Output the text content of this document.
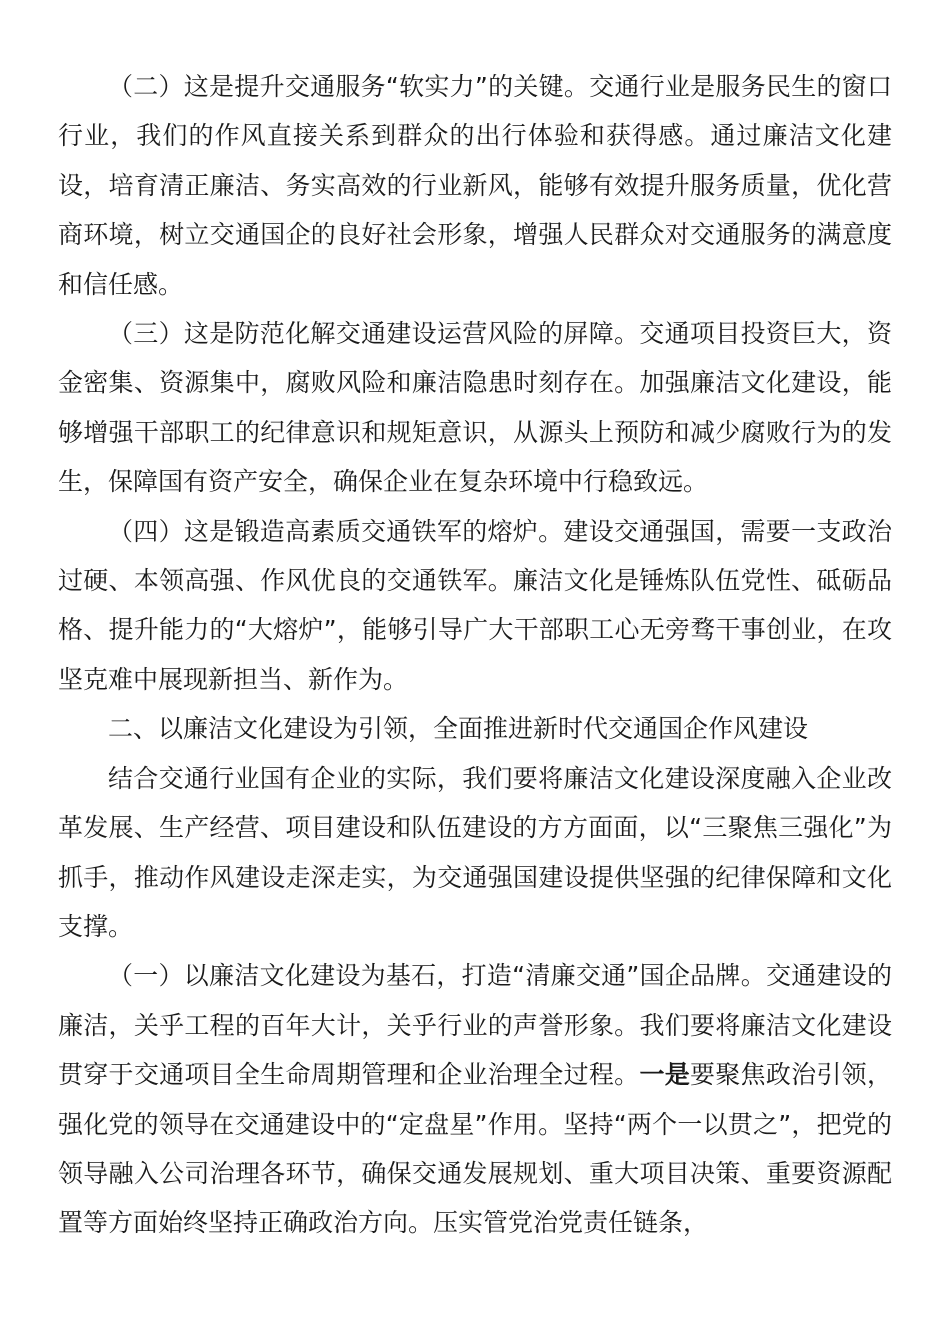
（二）这是提升交通服务“软实力”的关键。交通行业是服务民生的窗口行业，我们的作风直接关系到群众的出行体验和获得感。通过廉洁文化建设，培育清正廉洁、务实高效的行业新风，能够有效提升服务质量，优化营商环境，树立交通国企的良好社会形象，增强人民群众对交通服务的满意度和信任感。

（三）这是防范化解交通建设运营风险的屏障。交通项目投资巨大，资金密集、资源集中，腐败风险和廉洁隐患时刻存在。加强廉洁文化建设，能够增强干部职工的纪律意识和规矩意识，从源头上预防和减少腐败行为的发生，保障国有资产安全，确保企业在复杂环境中行稳致远。

（四）这是锻造高素质交通铁军的熔炉。建设交通强国，需要一支政治过硬、本领高强、作风优良的交通铁军。廉洁文化是锤炼队伍党性、砥砺品格、提升能力的“大熔炉”，能够引导广大干部职工心无旁骛干事创业，在攻坚克难中展现新担当、新作为。

二、以廉洁文化建设为引领，全面推进新时代交通国企作风建设

结合交通行业国有企业的实际，我们要将廉洁文化建设深度融入企业改革发展、生产经营、项目建设和队伍建设的方方面面，以“三聚焦三强化”为抓手，推动作风建设走深走实，为交通强国建设提供坚强的纪律保障和文化支撑。

（一）以廉洁文化建设为基石，打造“清廉交通”国企品牌。交通建设的廉洁，关乎工程的百年大计，关乎行业的声誉形象。我们要将廉洁文化建设贯穿于交通项目全生命周期管理和企业治理全过程。一是要聚焦政治引领，强化党的领导在交通建设中的“定盘星”作用。坚持“两个一以贯之”，把党的领导融入公司治理各环节，确保交通发展规划、重大项目决策、重要资源配置等方面始终坚持正确政治方向。压实管党治党责任链条，
